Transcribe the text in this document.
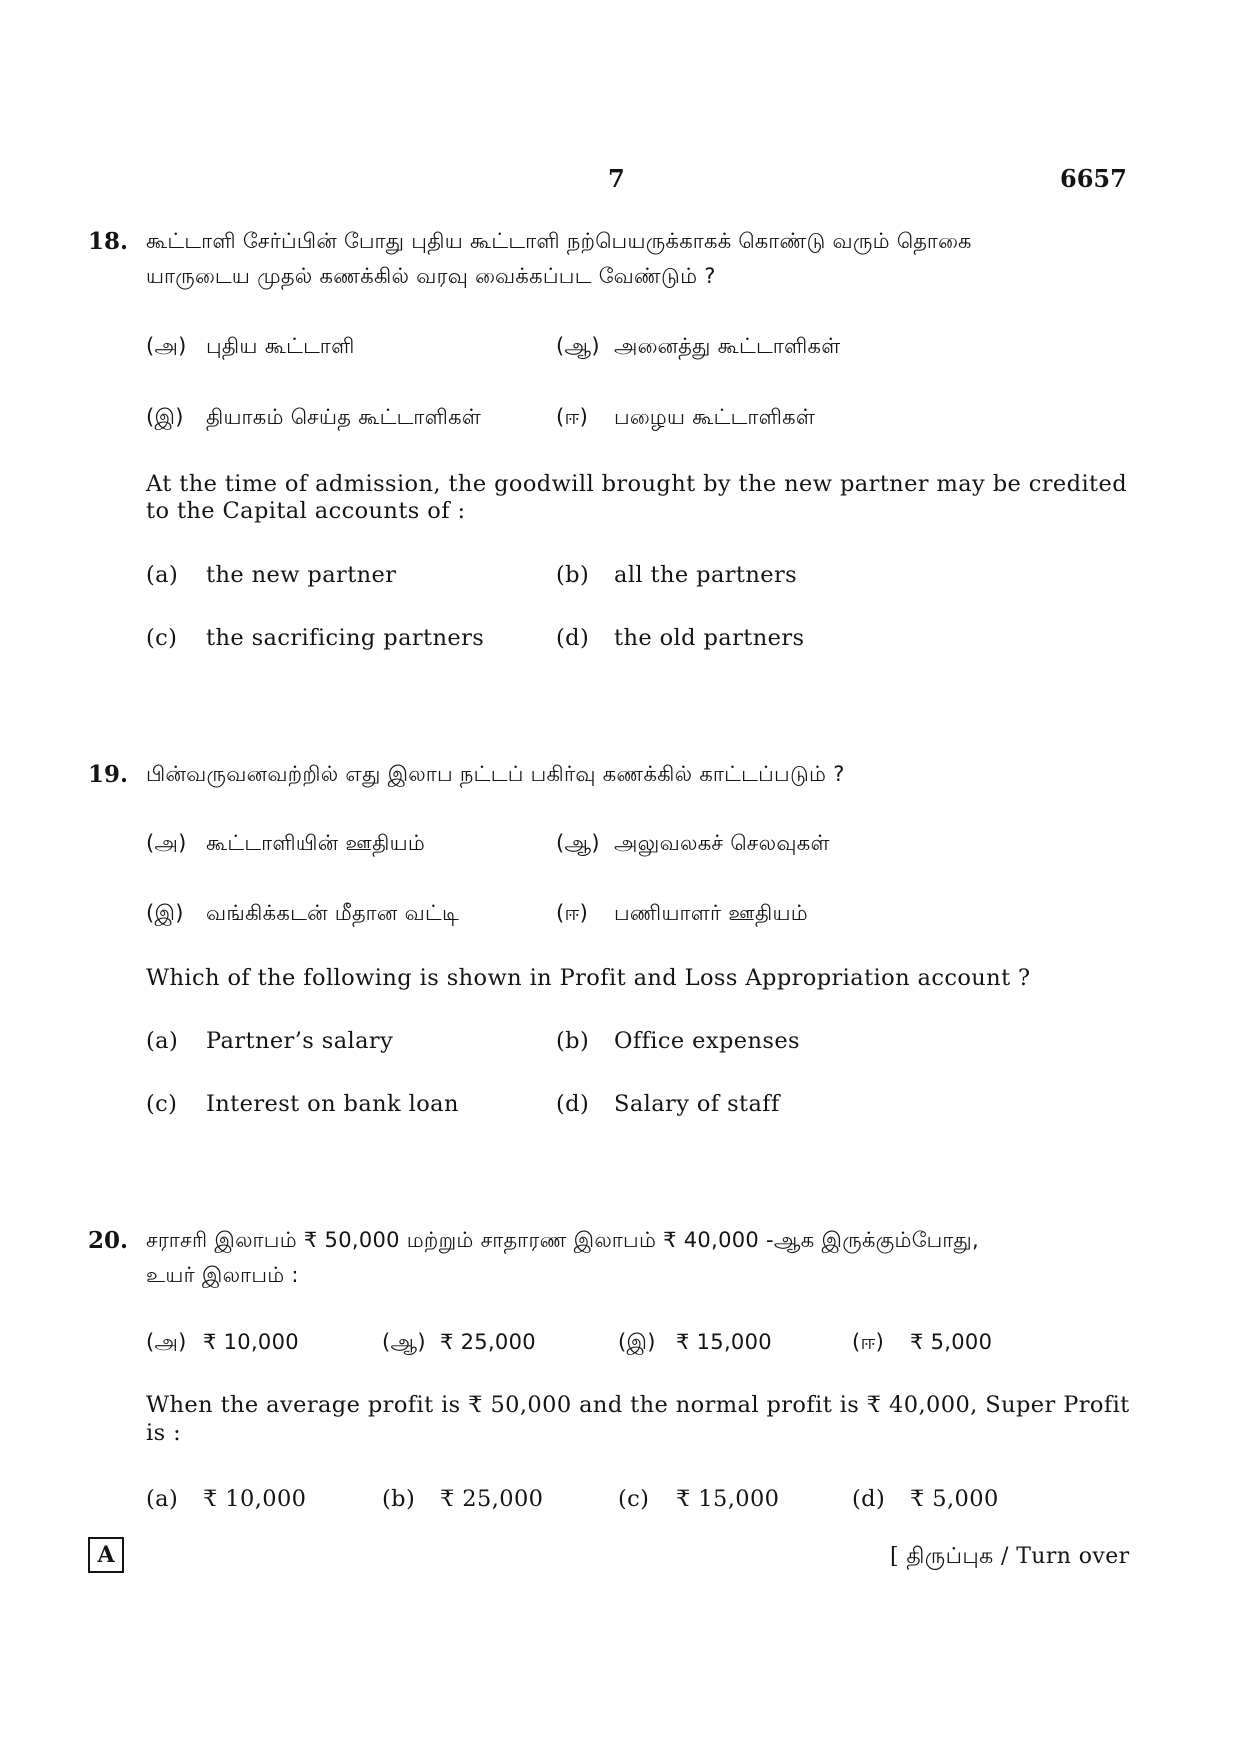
7	6657
18. கூட்டாளி சேர்ப்பின் போது புதிய கூட்டாளி நற்பெயருக்காகக் கொண்டு வரும் தொகை
யாருடைய முதல் கணக்கில் வரவு வைக்கப்பட வேண்டும் ?
(அ) புதிய கூட்டாளி	(ஆ) அனைத்து கூட்டாளிகள்
(இ) தியாகம் செய்த கூட்டாளிகள்	(ஈ) பழைய கூட்டாளிகள்
At the time of admission, the goodwill brought by the new partner may be credited
to the Capital accounts of :
(a) the new partner	(b) all the partners
(c) the sacrificing partners	(d) the old partners
19. பின்வருவனவற்றில் எது இலாப நட்டப் பகிர்வு கணக்கில் காட்டப்படும் ?
(அ) கூட்டாளியின் ஊதியம்	(ஆ) அலுவலகச் செலவுகள்
(இ) வங்கிக்கடன் மீதான வட்டி	(ஈ) பணியாளர் ஊதியம்
Which of the following is shown in Profit and Loss Appropriation account ?
(a) Partner’s salary	(b) Office expenses
(c) Interest on bank loan	(d) Salary of staff
20. சராசரி இலாபம் ₹ 50,000 மற்றும் சாதாரண இலாபம் ₹ 40,000 -ஆக இருக்கும்போது,
உயர் இலாபம் :
(அ) ₹ 10,000	(ஆ) ₹ 25,000	(இ) ₹ 15,000	(ஈ) ₹ 5,000
When the average profit is ₹ 50,000 and the normal profit is ₹ 40,000, Super Profit
is :
(a) ₹ 10,000	(b) ₹ 25,000	(c) ₹ 15,000	(d) ₹ 5,000
A	[ திருப்புக / Turn over
